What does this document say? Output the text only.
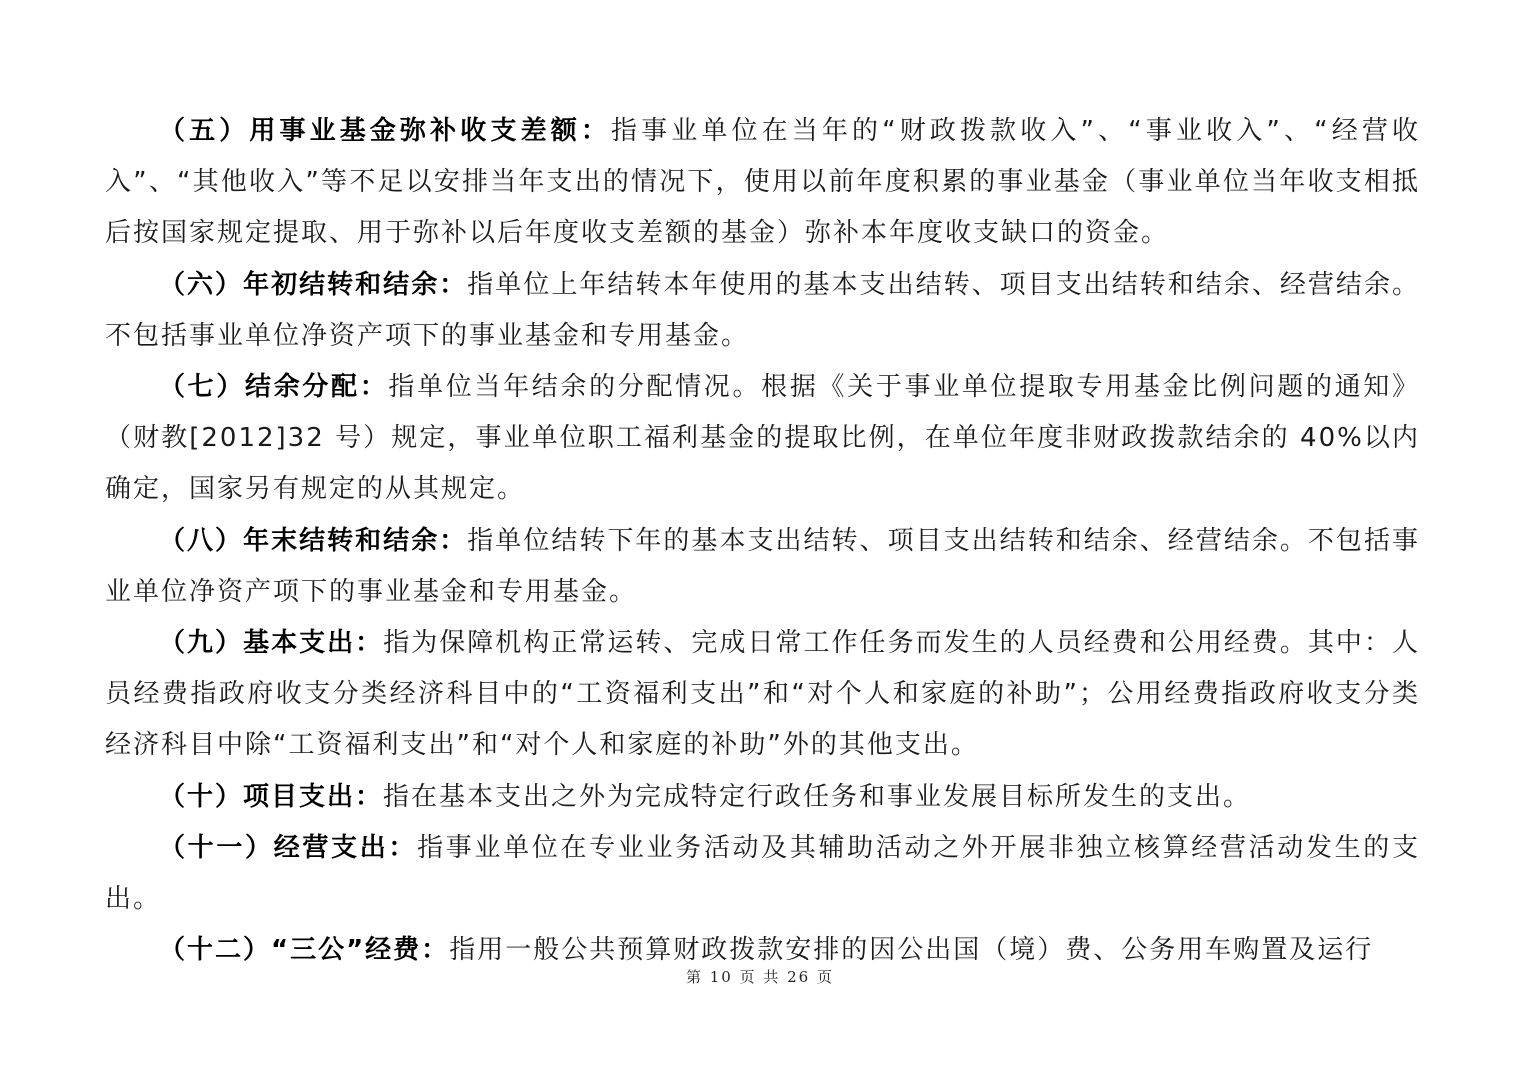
（五）用事业基金弥补收支差额：指事业单位在当年的“财政拨款收入”、“事业收入”、“经营收入”、“其他收入”等不足以安排当年支出的情况下，使用以前年度积累的事业基金（事业单位当年收支相抵后按国家规定提取、用于弥补以后年度收支差额的基金）弥补本年度收支缺口的资金。

（六）年初结转和结余：指单位上年结转本年使用的基本支出结转、项目支出结转和结余、经营结余。不包括事业单位净资产项下的事业基金和专用基金。

（七）结余分配：指单位当年结余的分配情况。根据《关于事业单位提取专用基金比例问题的通知》（财教[2012]32 号）规定，事业单位职工福利基金的提取比例，在单位年度非财政拨款结余的 40%以内确定，国家另有规定的从其规定。

（八）年末结转和结余：指单位结转下年的基本支出结转、项目支出结转和结余、经营结余。不包括事业单位净资产项下的事业基金和专用基金。

（九）基本支出：指为保障机构正常运转、完成日常工作任务而发生的人员经费和公用经费。其中：人员经费指政府收支分类经济科目中的“工资福利支出”和“对个人和家庭的补助”；公用经费指政府收支分类经济科目中除“工资福利支出”和“对个人和家庭的补助”外的其他支出。

（十）项目支出：指在基本支出之外为完成特定行政任务和事业发展目标所发生的支出。

（十一）经营支出：指事业单位在专业业务活动及其辅助活动之外开展非独立核算经营活动发生的支出。

（十二）“三公”经费：指用一般公共预算财政拨款安排的因公出国（境）费、公务用车购置及运行

第 10 页 共 26 页
